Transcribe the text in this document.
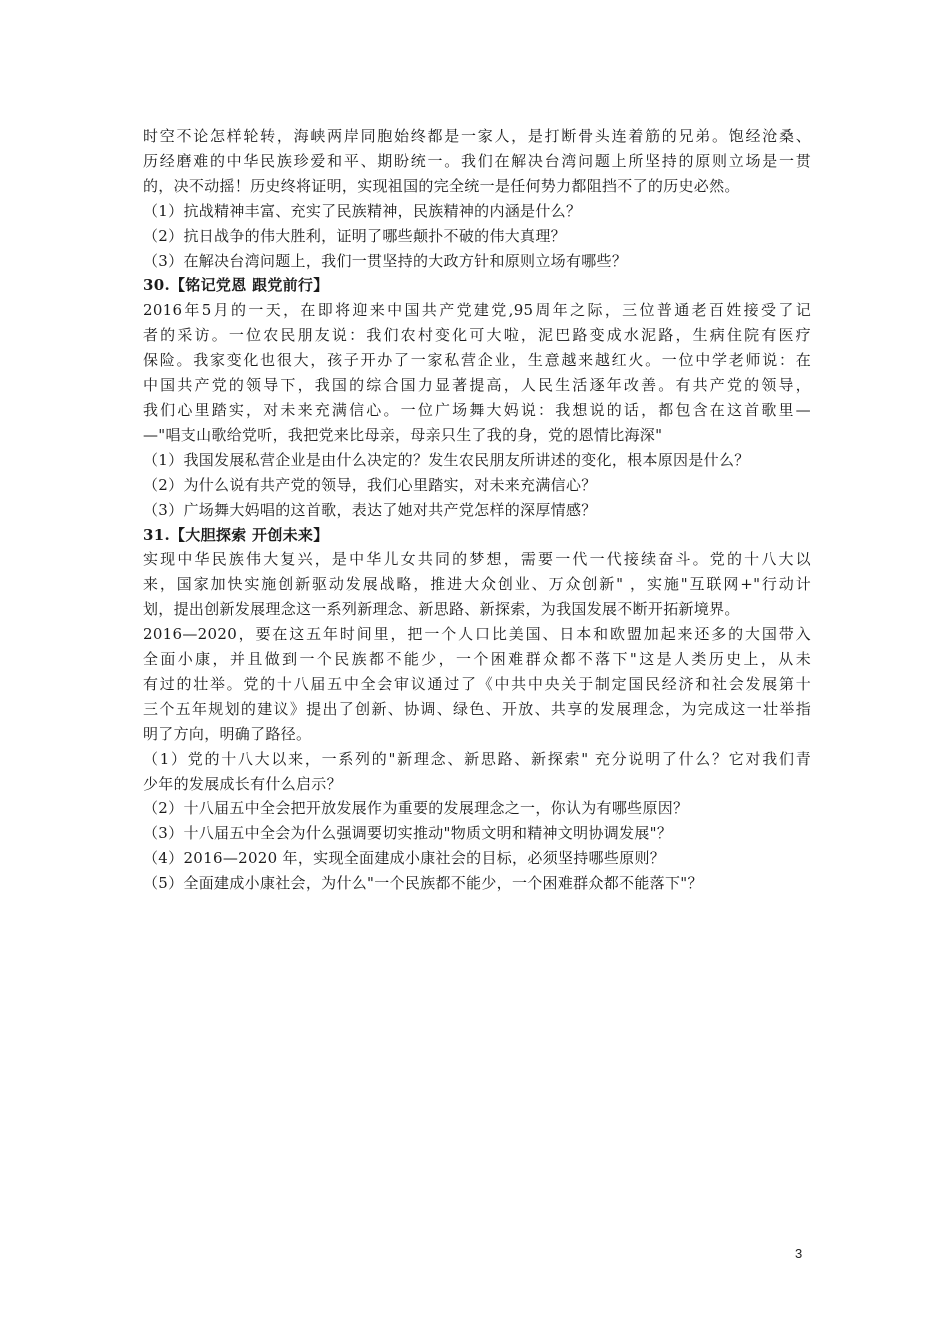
时空不论怎样轮转，海峡两岸同胞始终都是一家人，是打断骨头连着筋的兄弟。饱经沧桑、
历经磨难的中华民族珍爱和平、期盼统一。我们在解决台湾问题上所坚持的原则立场是一贯
的，决不动摇！历史终将证明，实现祖国的完全统一是任何势力都阻挡不了的历史必然。
（1）抗战精神丰富、充实了民族精神，民族精神的内涵是什么？
（2）抗日战争的伟大胜利，证明了哪些颠扑不破的伟大真理？
（3）在解决台湾问题上，我们一贯坚持的大政方针和原则立场有哪些？
30.【铭记党恩 跟党前行】
2016年5月的一天，在即将迎来中国共产党建党,95周年之际，三位普通老百姓接受了记
者的采访。一位农民朋友说：我们农村变化可大啦，泥巴路变成水泥路，生病住院有医疗
保险。我家变化也很大，孩子开办了一家私营企业，生意越来越红火。一位中学老师说：在
中国共产党的领导下，我国的综合国力显著提高，人民生活逐年改善。有共产党的领导，
我们心里踏实，对未来充满信心。一位广场舞大妈说：我想说的话，都包含在这首歌里—
—"唱支山歌给党听，我把党来比母亲，母亲只生了我的身，党的恩情比海深"
（1）我国发展私营企业是由什么决定的？发生农民朋友所讲述的变化，根本原因是什么？
（2）为什么说有共产党的领导，我们心里踏实，对未来充满信心？
（3）广场舞大妈唱的这首歌，表达了她对共产党怎样的深厚情感？
31.【大胆探索 开创未来】
实现中华民族伟大复兴，是中华儿女共同的梦想，需要一代一代接续奋斗。党的十八大以
来，国家加快实施创新驱动发展战略，推进大众创业、万众创新" ，实施"互联网+"行动计
划，提出创新发展理念这一系列新理念、新思路、新探索，为我国发展不断开拓新境界。
2016—2020，要在这五年时间里，把一个人口比美国、日本和欧盟加起来还多的大国带入
全面小康，并且做到一个民族都不能少，一个困难群众都不落下"这是人类历史上，从未
有过的壮举。党的十八届五中全会审议通过了《中共中央关于制定国民经济和社会发展第十
三个五年规划的建议》提出了创新、协调、绿色、开放、共享的发展理念，为完成这一壮举指
明了方向，明确了路径。
（1）党的十八大以来，一系列的"新理念、新思路、新探索" 充分说明了什么？它对我们青
少年的发展成长有什么启示？
（2）十八届五中全会把开放发展作为重要的发展理念之一，你认为有哪些原因？
（3）十八届五中全会为什么强调要切实推动"物质文明和精神文明协调发展"？
（4）2016—2020 年，实现全面建成小康社会的目标，必须坚持哪些原则？
（5）全面建成小康社会，为什么"一个民族都不能少，一个困难群众都不能落下"？
3
